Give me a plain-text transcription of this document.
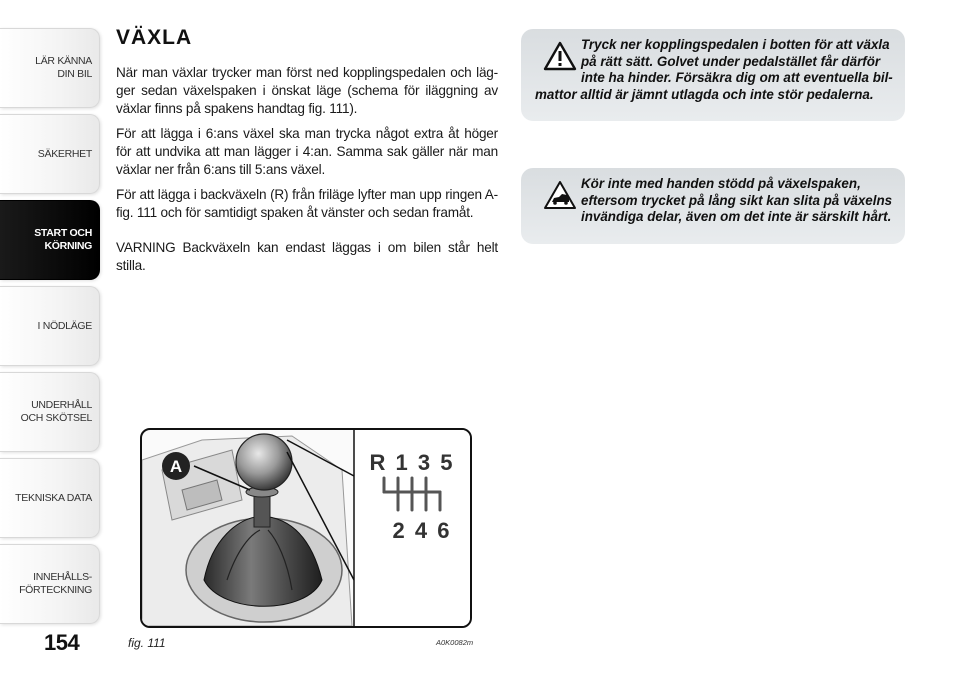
LÄR KÄNNA
DIN BIL
SÄKERHET
START OCH
KÖRNING
I NÖDLÄGE
UNDERHÅLL
OCH SKÖTSEL
TEKNISKA DATA
INNEHÅLLS-
FÖRTECKNING
154
VÄXLA

När man växlar trycker man först ned kopplingspedalen och läg-ger sedan växelspaken i önskat läge (schema för iläggning av växlar finns på spakens handtag fig. 111).

För att lägga i 6:ans växel ska man trycka något extra åt höger för att undvika att man lägger i 4:an. Samma sak gäller när man växlar ner från 6:ans till 5:ans växel.

För att lägga i backväxeln (R) från friläge lyfter man upp ringen A-fig. 111 och för samtidigt spaken åt vänster och sedan framåt.

VARNING Backväxeln kan endast läggas i om bilen står helt stilla.

Tryck ner kopplingspedalen i botten för att växla på rätt sätt. Golvet under pedalstället får därför inte ha hinder. Försäkra dig om att eventuella bil-
mattor alltid är jämnt utlagda och inte stör pedalerna.
Kör inte med handen stödd på växelspaken, eftersom trycket på lång sikt kan slita på växelns invändiga delar, även om det inte är särskilt hårt.
A	R 1 3 5
2 4 6
fig. 111	A0K0082m
